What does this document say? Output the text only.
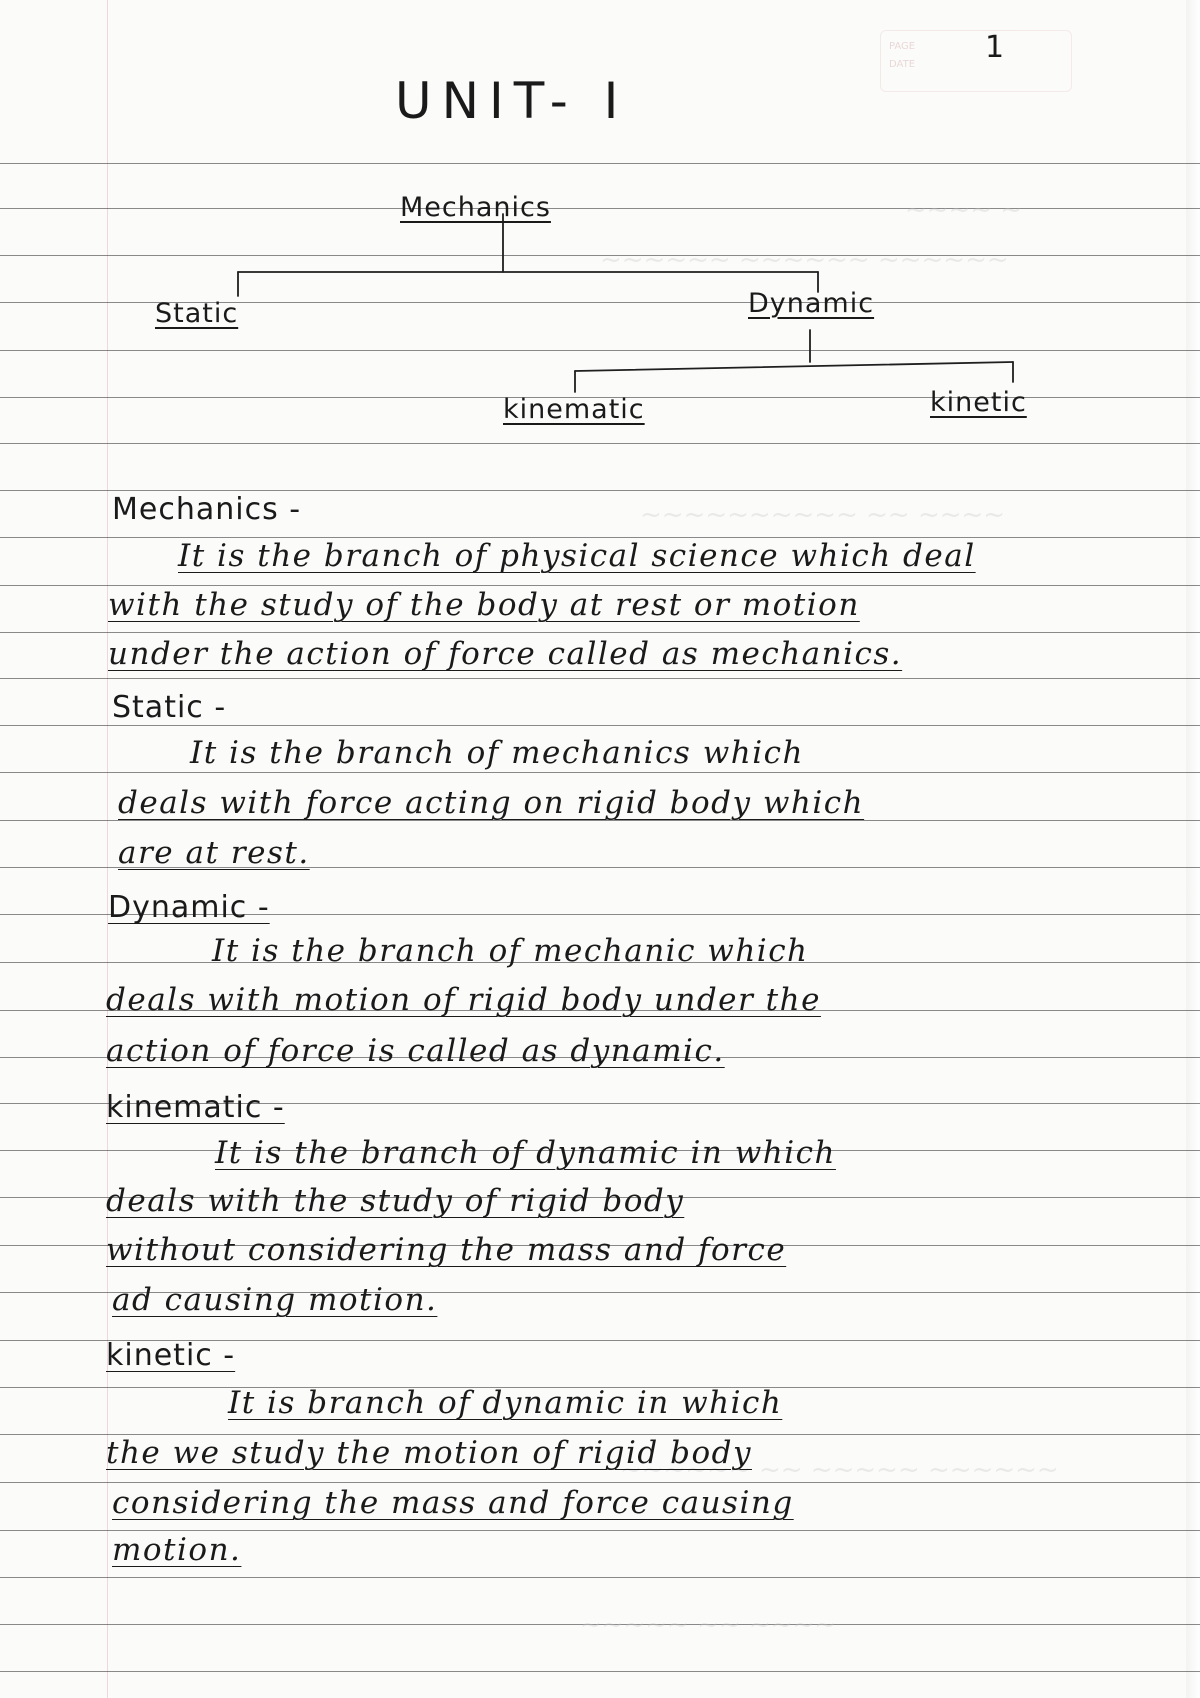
PAGE
DATE
~~~~ ~
~~~~~~ ~~~~~~ ~~~~~~
~~~~~~~~~~ ~~ ~~~~
~~~~~~ ~~ ~~~~~ ~~~~~~
~~~~~ ~~ ~~~~
1
UNIT- I
Mechanics
Static	Dynamic
kinematic	kinetic
Mechanics -
It is the branch of physical science which deal
with the study of the body at rest or motion
under the action of force called as mechanics.
Static -
It is the branch of mechanics which
deals with force acting on rigid body which
are at rest.
Dynamic -
It is the branch of mechanic which
deals with motion of rigid body under the
action of force is called as dynamic.
kinematic -
It is the branch of dynamic in which
deals with the study of rigid body
without considering the mass and force
ad causing motion.
kinetic -
It is branch of dynamic in which
the we study the motion of rigid body
considering the mass and force causing
motion.
